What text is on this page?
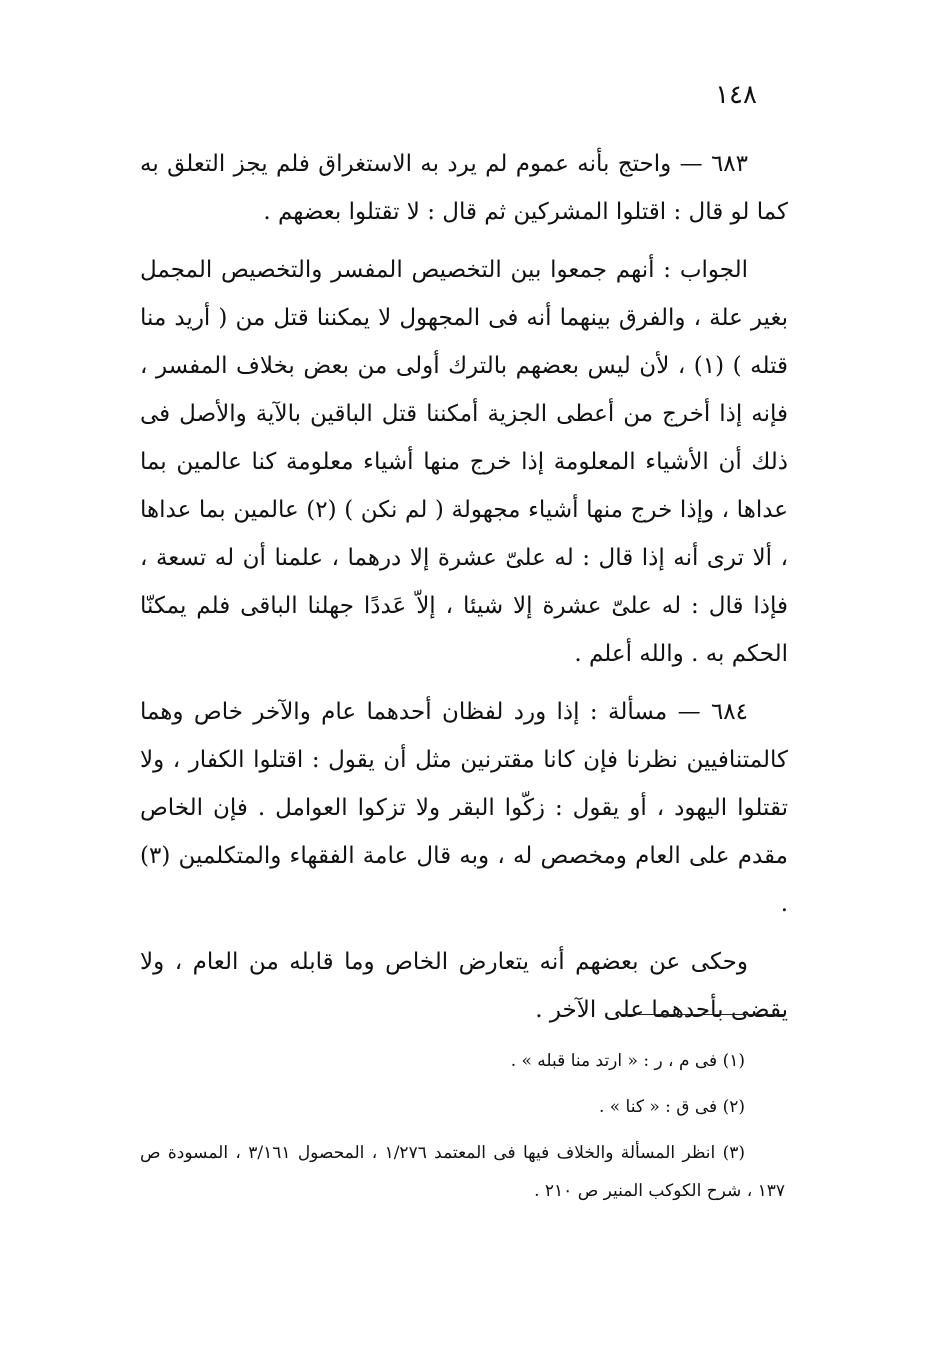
١٤٨

٦٨٣ — واحتج بأنه عموم لم يرد به الاستغراق فلم يجز التعلق به كما لو قال : اقتلوا المشركين ثم قال : لا تقتلوا بعضهم .

الجواب : أنهم جمعوا بين التخصيص المفسر والتخصيص المجمل بغير علة ، والفرق بينهما أنه فى المجهول لا يمكننا قتل من ( أريد منا قتله ) (١) ، لأن ليس بعضهم بالترك أولى من بعض بخلاف المفسر ، فإنه إذا أخرج من أعطى الجزية أمكننا قتل الباقين بالآية والأصل فى ذلك أن الأشياء المعلومة إذا خرج منها أشياء معلومة كنا عالمين بما عداها ، وإذا خرج منها أشياء مجهولة ( لم نكن ) (٢) عالمين بما عداها ، ألا ترى أنه إذا قال : له علىّ عشرة إلا درهما ، علمنا أن له تسعة ، فإذا قال : له علىّ عشرة إلا شيئا ، إلاّ عَددًا جهلنا الباقى فلم يمكنّا الحكم به . والله أعلم .

٦٨٤ — مسألة : إذا ورد لفظان أحدهما عام والآخر خاص وهما كالمتنافيين نظرنا فإن كانا مقترنين مثل أن يقول : اقتلوا الكفار ، ولا تقتلوا اليهود ، أو يقول : زكّوا البقر ولا تزكوا العوامل . فإن الخاص مقدم على العام ومخصص له ، وبه قال عامة الفقهاء والمتكلمين (٣) .

وحكى عن بعضهم أنه يتعارض الخاص وما قابله من العام ، ولا يقضى بأحدهما على الآخر .

(١) فى م ، ر : « ارتد منا قبله » .

(٢) فى ق : « كنا » .

(٣) انظر المسألة والخلاف فيها فى المعتمد ١/٢٧٦ ، المحصول ٣/١٦١ ، المسودة ص ١٣٧ ، شرح الكوكب المنير ص ٢١٠ .
